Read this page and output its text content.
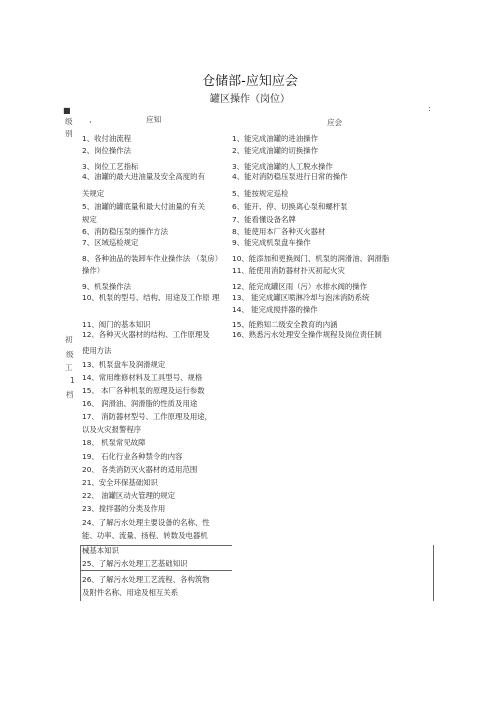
仓储部-应知应会
罐区操作（岗位）
■
级
别
、	应知	应会
:
初
级
工
1
档
1、收付油流程
2、岗位操作法
3、岗位工艺指标
4、油罐的最大进油量及安全高度的有
关规定
5、油罐的罐底量和最大付油量的有关
规定
6、消防稳压泵的操作方法
7、区域巡检规定
8、各种油品的装卸车作业操作法 （泵房）
操作）
9、机泵操作法
10、机泵的型号、结构、用途及工作原 理
11、阀门的基本知识
12、各种灭火器材的结构、工作原理及
使用方法
13、机泵盘车及润滑规定
14、常用维修材料及工具型号、规格
15、 本厂各种机泵的原理及运行参数
16、 润滑油、润滑脂的性质及用途
17、 消防器材型号、工作原理及用途，
以及火灾报警程序
18、 机泵常见故障
19、 石化行业各种禁令的内容
20、 各类消防灭火器材的适用范围
21、安全环保基础知识
22、 油罐区动火管理的规定
23、搅拌器的分类及作用
24、了解污水处理主要设备的名称、性
能、功率、流量、扬程、转数及电器机
械基本知识
25、了解污水处理工艺基础知识
26、了解污水处理工艺流程、各构筑物
及附件名称、用途及相互关系
1、能完成油罐的进油操作
2、能完成油罐的切换操作
3、能完成油罐的人工脱水操作
4、能对消防稳压泵进行日常的操作
5、能按规定巡检
6、能开、停、切换离心泵和螺杆泵
7、能看懂设备名牌
8、能使用本厂各种灭火器材
9、能完成机泵盘车操作
10、能添加和更换阀门、机泵的润滑油、润滑脂
11、能使用消防器材扑灭初起火灾
12、能完成罐区雨（污）水排水阀的操作
13、 能完成罐区喷淋冷却与泡沫消防系统
14、 能完成搅拌器的操作
15、能熟知二级安全教育的内涵
16、熟悉污水处理安全操作规程及岗位责任制
